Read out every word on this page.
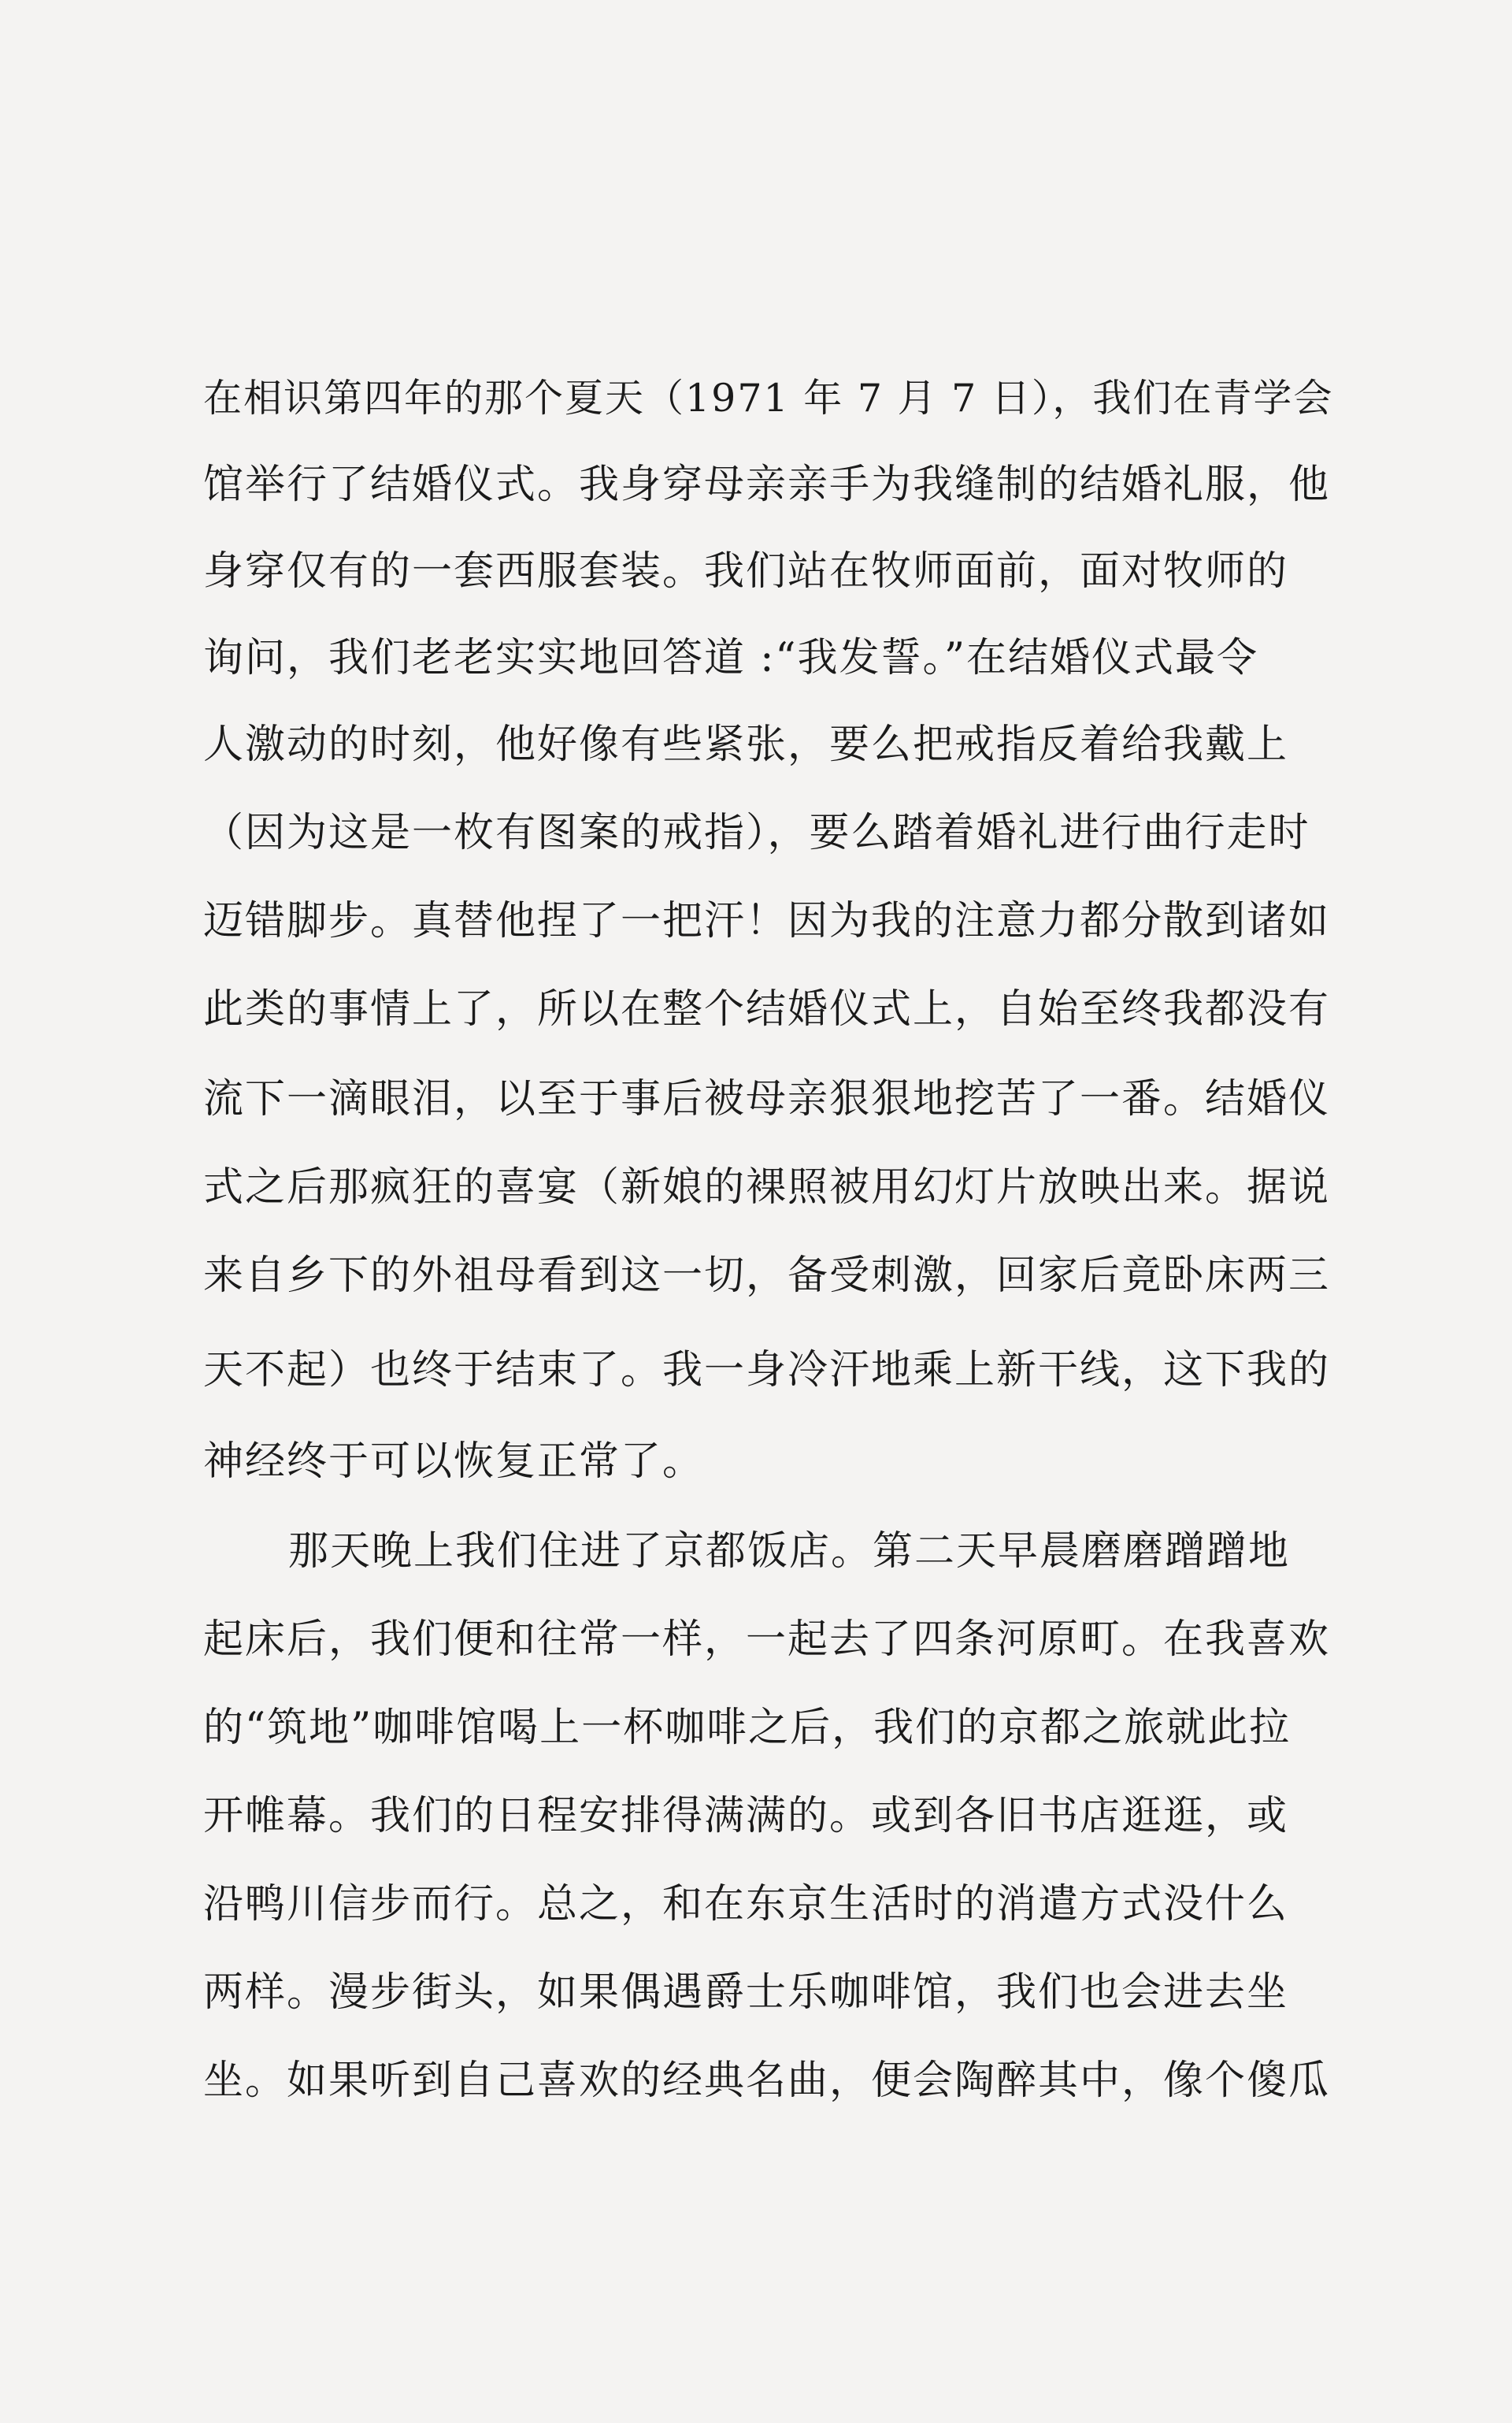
在相识第四年的那个夏天（1971 年 7 月 7 日），我们在青学会
馆举行了结婚仪式。我身穿母亲亲手为我缝制的结婚礼服，他
身穿仅有的一套西服套装。我们站在牧师面前，面对牧师的
询问，我们老老实实地回答道 :“我发誓。”在结婚仪式最令
人激动的时刻，他好像有些紧张，要么把戒指反着给我戴上
（因为这是一枚有图案的戒指），要么踏着婚礼进行曲行走时
迈错脚步。真替他捏了一把汗！因为我的注意力都分散到诸如
此类的事情上了，所以在整个结婚仪式上，自始至终我都没有
流下一滴眼泪，以至于事后被母亲狠狠地挖苦了一番。结婚仪
式之后那疯狂的喜宴（新娘的裸照被用幻灯片放映出来。据说
来自乡下的外祖母看到这一切，备受刺激，回家后竟卧床两三
天不起）也终于结束了。我一身冷汗地乘上新干线，这下我的
神经终于可以恢复正常了。
那天晚上我们住进了京都饭店。第二天早晨磨磨蹭蹭地
起床后，我们便和往常一样，一起去了四条河原町。在我喜欢
的“筑地”咖啡馆喝上一杯咖啡之后，我们的京都之旅就此拉
开帷幕。我们的日程安排得满满的。或到各旧书店逛逛，或
沿鸭川信步而行。总之，和在东京生活时的消遣方式没什么
两样。漫步街头，如果偶遇爵士乐咖啡馆，我们也会进去坐
坐。如果听到自己喜欢的经典名曲，便会陶醉其中，像个傻瓜
